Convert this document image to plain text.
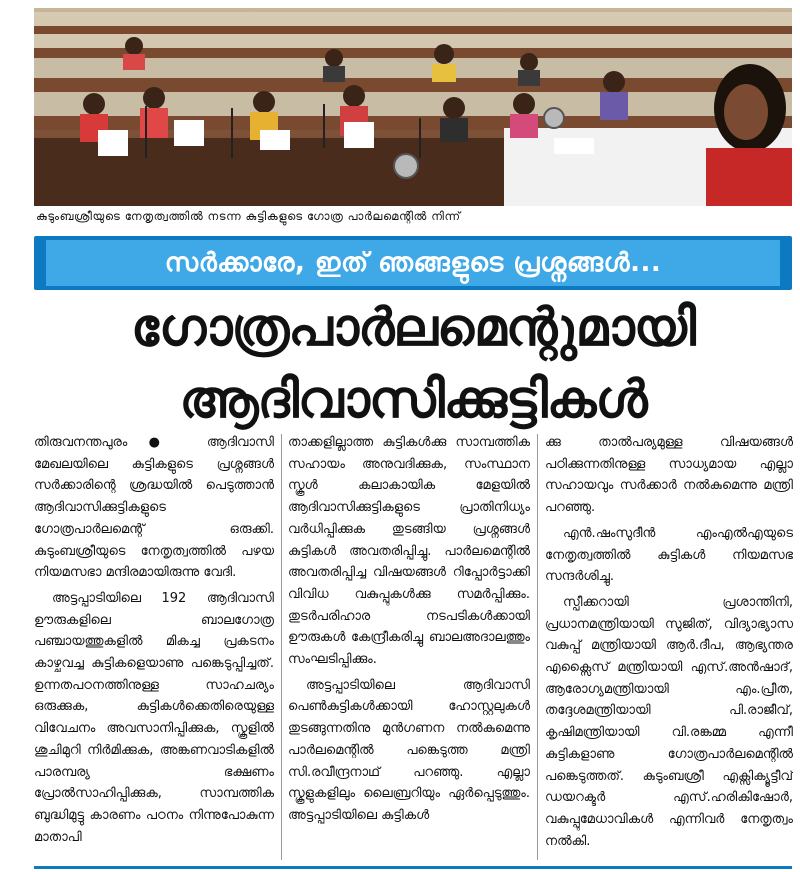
കുടുംബശ്രീയുടെ നേതൃത്വത്തിൽ നടന്ന കുട്ടികളുടെ ഗോത്ര പാർലമെന്റിൽ നിന്ന്
സർക്കാരേ, ഇത് ഞങ്ങളുടെ പ്രശ്നങ്ങൾ...
ഗോത്രപാർലമെന്റുമായി
ആദിവാസിക്കുട്ടികൾ

തിരുവനന്തപുരം● ആദിവാസി മേഖലയിലെ കുട്ടികളുടെ പ്രശ്നങ്ങൾ സർക്കാരിന്റെ ശ്രദ്ധയിൽ പെടുത്താൻ ആദിവാസിക്കുട്ടികളുടെ ഗോത്രപാർലമെന്റ് ഒരുക്കി. കുടുംബശ്രീയുടെ നേതൃത്വത്തിൽ പഴയ നിയമസഭാ മന്ദിരമായിരുന്നു വേദി.

അട്ടപ്പാടിയിലെ 192 ആദിവാസി ഊരുകളിലെ ബാലഗോത്ര പഞ്ചായത്തുകളിൽ മികച്ച പ്രകടനം കാഴ്ചവച്ച കുട്ടികളെയാണു പങ്കെടുപ്പിച്ചത്. ഉന്നതപഠനത്തിനുള്ള സാഹചര്യം ഒരുക്കുക, കുട്ടികൾക്കെതിരെയുള്ള വിവേചനം അവസാനിപ്പിക്കുക, സ്കൂളിൽ ശുചിമുറി നിർമിക്കുക, അങ്കണവാടികളിൽ പാരമ്പര്യ ഭക്ഷണം പ്രോൽസാഹിപ്പിക്കുക, സാമ്പത്തിക ബുദ്ധിമുട്ടു കാരണം പഠനം നിന്നുപോകുന്ന മാതാപി

താക്കളില്ലാത്ത കുട്ടികൾക്കു സാമ്പത്തിക സഹായം അനുവദിക്കുക, സംസ്ഥാന സ്കൂൾ കലാകായിക മേളയിൽ ആദിവാസിക്കുട്ടികളുടെ പ്രാതിനിധ്യം വർധിപ്പിക്കുക തുടങ്ങിയ പ്രശ്നങ്ങൾ കുട്ടികൾ അവതരിപ്പിച്ചു. പാർലമെന്റിൽ അവതരിപ്പിച്ച വിഷയങ്ങൾ റിപ്പോർട്ടാക്കി വിവിധ വകുപ്പുകൾക്കു സമർപ്പിക്കും. തുടർപരിഹാര നടപടികൾക്കായി ഊരുകൾ കേന്ദ്രീകരിച്ചു ബാലഅദാലത്തും സംഘടിപ്പിക്കും.

അട്ടപ്പാടിയിലെ ആദിവാസി പെൺകുട്ടികൾക്കായി ഹോസ്റ്റലുകൾ തുടങ്ങുന്നതിനു മുൻഗണന നൽകുമെന്നു പാർലമെന്റിൽ പങ്കെടുത്ത മന്ത്രി സി.രവീന്ദ്രനാഥ് പറഞ്ഞു. എല്ലാ സ്കൂളുകളിലും ലൈബ്രറിയും ഏർപ്പെടുത്തും. അട്ടപ്പാടിയിലെ കുട്ടികൾ

ക്കു താൽപര്യമുള്ള വിഷയങ്ങൾ പഠിക്കുന്നതിനുള്ള സാധ്യമായ എല്ലാ സഹായവും സർക്കാർ നൽകുമെന്നു മന്ത്രി പറഞ്ഞു.

എൻ.ഷംസുദീൻ എംഎൽഎയുടെ നേതൃത്വത്തിൽ കുട്ടികൾ നിയമസഭ സന്ദർശിച്ചു.

സ്പീക്കറായി പ്രശാന്തിനി, പ്രധാനമന്ത്രിയായി സുജിത്, വിദ്യാഭ്യാസ വകുപ്പ് മന്ത്രിയായി ആർ.ദീപ, ആഭ്യന്തര എക്സൈസ് മന്ത്രിയായി എസ്.അൻഷാദ്, ആരോഗ്യമന്ത്രിയായി എം.പ്രീത, തദ്ദേശമന്ത്രിയായി പി.രാജീവ്, കൃഷിമന്ത്രിയായി വി.രങ്കമ്മ എന്നീ കുട്ടികളാണു ഗോത്രപാർലമെന്റിൽ പങ്കെടുത്തത്. കുടുംബശ്രീ എക്സിക്യൂട്ടീവ് ഡയറക്ടർ എസ്.ഹരികിഷോർ, വകുപ്പുമേധാവികൾ എന്നിവർ നേതൃത്വം നൽകി.
